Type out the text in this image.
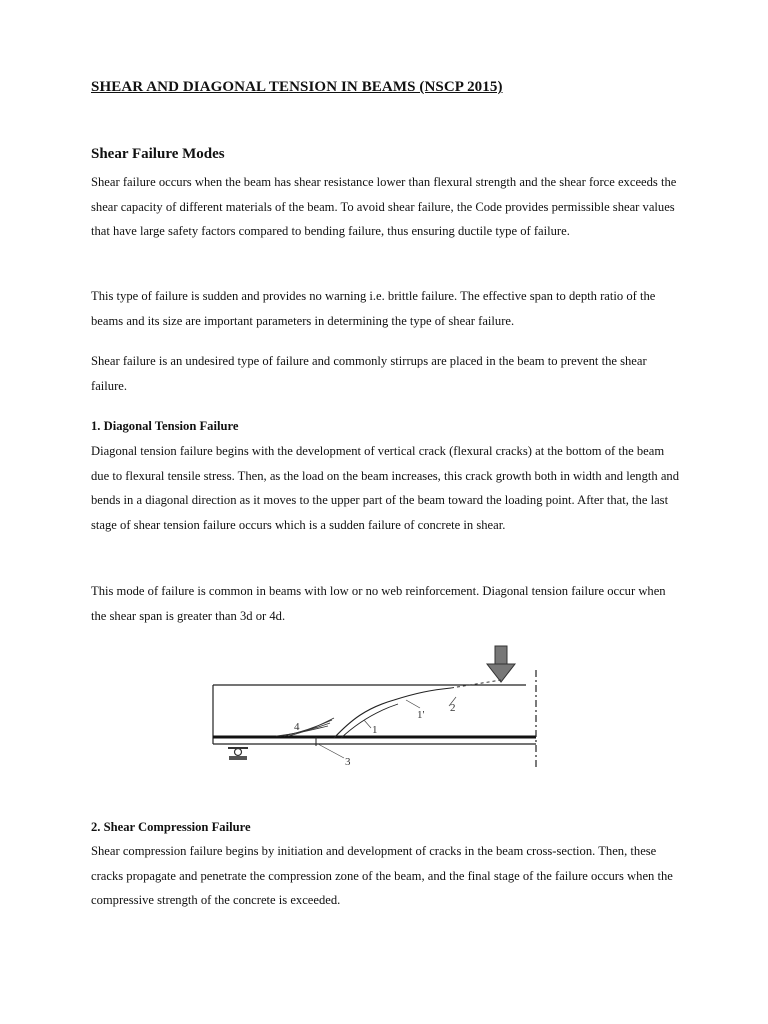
SHEAR AND DIAGONAL TENSION IN BEAMS (NSCP 2015)
Shear Failure Modes

Shear failure occurs when the beam has shear resistance lower than flexural strength and the shear force exceeds the shear capacity of different materials of the beam. To avoid shear failure, the Code provides permissible shear values that have large safety factors compared to bending failure, thus ensuring ductile type of failure.

This type of failure is sudden and provides no warning i.e. brittle failure. The effective span to depth ratio of the beams and its size are important parameters in determining the type of shear failure.

Shear failure is an undesired type of failure and commonly stirrups are placed in the beam to prevent the shear failure.

1. Diagonal Tension Failure

Diagonal tension failure begins with the development of vertical crack (flexural cracks) at the bottom of the beam due to flexural tensile stress. Then, as the load on the beam increases, this crack growth both in width and length and bends in a diagonal direction as it moves to the upper part of the beam toward the loading point. After that, the last stage of shear tension failure occurs which is a sudden failure of concrete in shear.

This mode of failure is common in beams with low or no web reinforcement. Diagonal tension failure occur when the shear span is greater than 3d or 4d.

1'
2
1
3
4
2. Shear Compression Failure

Shear compression failure begins by initiation and development of cracks in the beam cross-section. Then, these cracks propagate and penetrate the compression zone of the beam, and the final stage of the failure occurs when the compressive strength of the concrete is exceeded.
